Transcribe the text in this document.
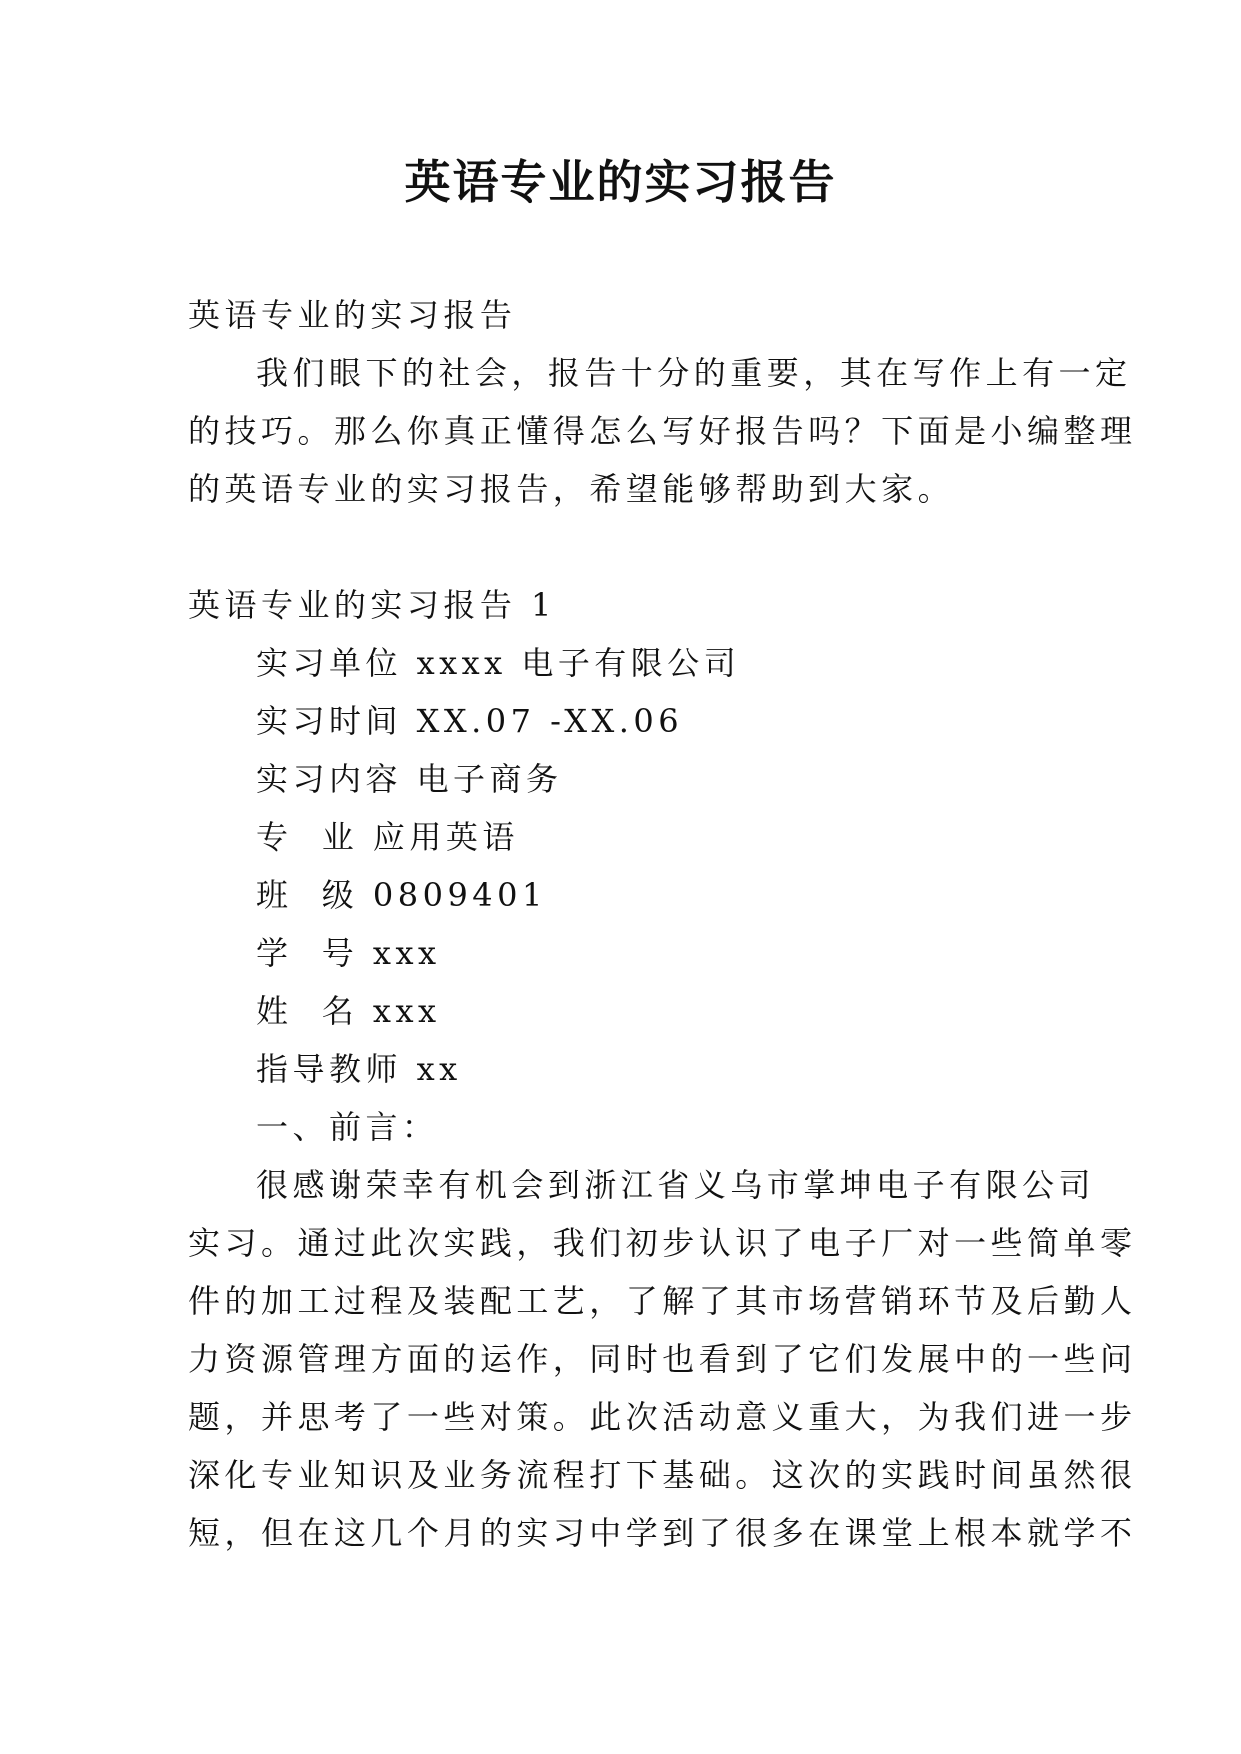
英语专业的实习报告
英语专业的实习报告
我们眼下的社会，报告十分的重要，其在写作上有一定
的技巧。那么你真正懂得怎么写好报告吗？下面是小编整理
的英语专业的实习报告，希望能够帮助到大家。
英语专业的实习报告 1
实习单位 xxxx 电子有限公司
实习时间 XX.07 -XX.06
实习内容 电子商务
专  业 应用英语
班  级 0809401
学  号 xxx
姓  名 xxx
指导教师 xx
一、前言：
很感谢荣幸有机会到浙江省义乌市掌坤电子有限公司
实习。通过此次实践，我们初步认识了电子厂对一些简单零
件的加工过程及装配工艺，了解了其市场营销环节及后勤人
力资源管理方面的运作，同时也看到了它们发展中的一些问
题，并思考了一些对策。此次活动意义重大，为我们进一步
深化专业知识及业务流程打下基础。这次的实践时间虽然很
短，但在这几个月的实习中学到了很多在课堂上根本就学不
